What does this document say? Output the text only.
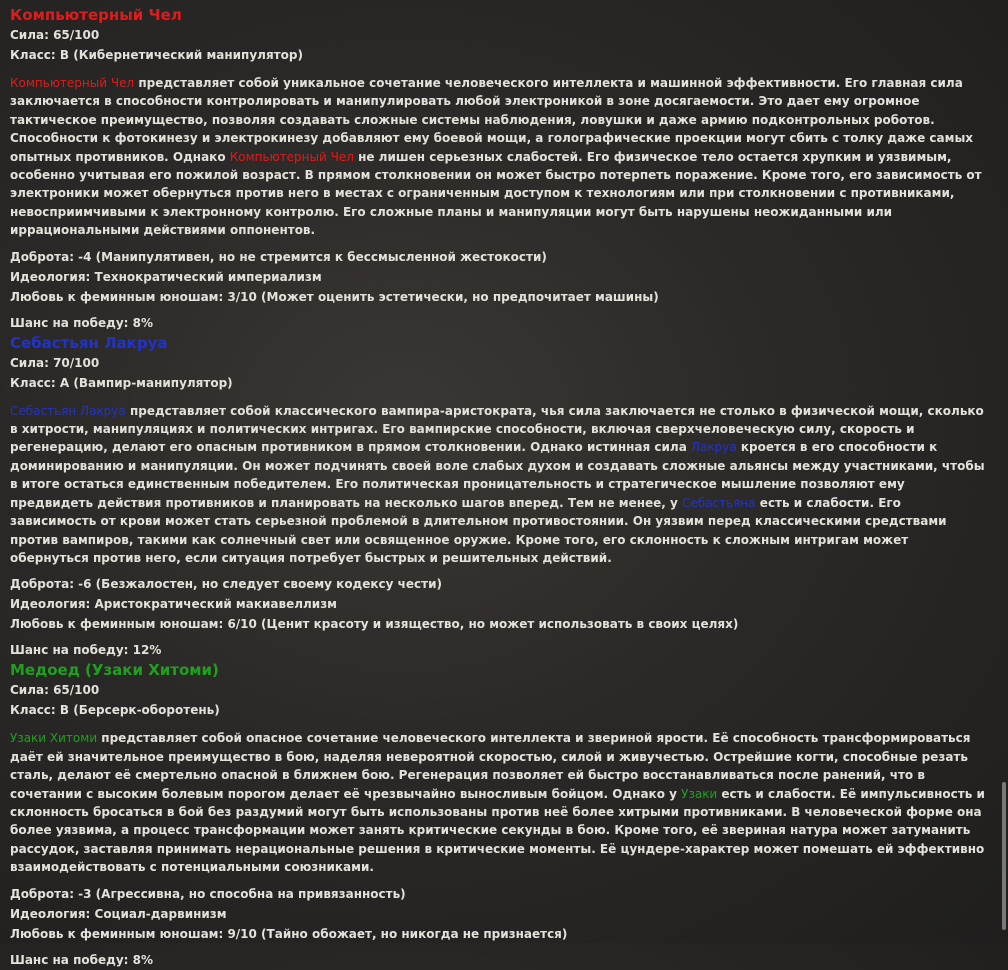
Компьютерный Чел
Сила: 65/100
Класс: B (Кибернетический манипулятор)

Компьютерный Чел представляет собой уникальное сочетание человеческого интеллекта и машинной эффективности. Его главная сила заключается в способности контролировать и манипулировать любой электроникой в зоне досягаемости. Это дает ему огромное тактическое преимущество, позволяя создавать сложные системы наблюдения, ловушки и даже армию подконтрольных роботов. Способности к фотокинезу и электрокинезу добавляют ему боевой мощи, а голографические проекции могут сбить с толку даже самых опытных противников. Однако Компьютерный Чел не лишен серьезных слабостей. Его физическое тело остается хрупким и уязвимым, особенно учитывая его пожилой возраст. В прямом столкновении он может быстро потерпеть поражение. Кроме того, его зависимость от электроники может обернуться против него в местах с ограниченным доступом к технологиям или при столкновении с противниками, невосприимчивыми к электронному контролю. Его сложные планы и манипуляции могут быть нарушены неожиданными или иррациональными действиями оппонентов.

Доброта: -4 (Манипулятивен, но не стремится к бессмысленной жестокости)
Идеология: Технократический империализм
Любовь к феминным юношам: 3/10 (Может оценить эстетически, но предпочитает машины)
Шанс на победу: 8%
Себастьян Лакруа
Сила: 70/100
Класс: A (Вампир-манипулятор)

Себастьян Лакруа представляет собой классического вампира-аристократа, чья сила заключается не столько в физической мощи, сколько в хитрости, манипуляциях и политических интригах. Его вампирские способности, включая сверхчеловеческую силу, скорость и регенерацию, делают его опасным противником в прямом столкновении. Однако истинная сила Лакруа кроется в его способности к доминированию и манипуляции. Он может подчинять своей воле слабых духом и создавать сложные альянсы между участниками, чтобы в итоге остаться единственным победителем. Его политическая проницательность и стратегическое мышление позволяют ему предвидеть действия противников и планировать на несколько шагов вперед. Тем не менее, у Себастьяна есть и слабости. Его зависимость от крови может стать серьезной проблемой в длительном противостоянии. Он уязвим перед классическими средствами против вампиров, такими как солнечный свет или освященное оружие. Кроме того, его склонность к сложным интригам может обернуться против него, если ситуация потребует быстрых и решительных действий.

Доброта: -6 (Безжалостен, но следует своему кодексу чести)
Идеология: Аристократический макиавеллизм
Любовь к феминным юношам: 6/10 (Ценит красоту и изящество, но может использовать в своих целях)
Шанс на победу: 12%
Медоед (Узаки Хитоми)
Сила: 65/100
Класс: B (Берсерк-оборотень)

Узаки Хитоми представляет собой опасное сочетание человеческого интеллекта и звериной ярости. Её способность трансформироваться даёт ей значительное преимущество в бою, наделяя невероятной скоростью, силой и живучестью. Острейшие когти, способные резать сталь, делают её смертельно опасной в ближнем бою. Регенерация позволяет ей быстро восстанавливаться после ранений, что в сочетании с высоким болевым порогом делает её чрезвычайно выносливым бойцом. Однако у Узаки есть и слабости. Её импульсивность и склонность бросаться в бой без раздумий могут быть использованы против неё более хитрыми противниками. В человеческой форме она более уязвима, а процесс трансформации может занять критические секунды в бою. Кроме того, её звериная натура может затуманить рассудок, заставляя принимать нерациональные решения в критические моменты. Её цундере-характер может помешать ей эффективно взаимодействовать с потенциальными союзниками.

Доброта: -3 (Агрессивна, но способна на привязанность)
Идеология: Социал-дарвинизм
Любовь к феминным юношам: 9/10 (Тайно обожает, но никогда не признается)
Шанс на победу: 8%
